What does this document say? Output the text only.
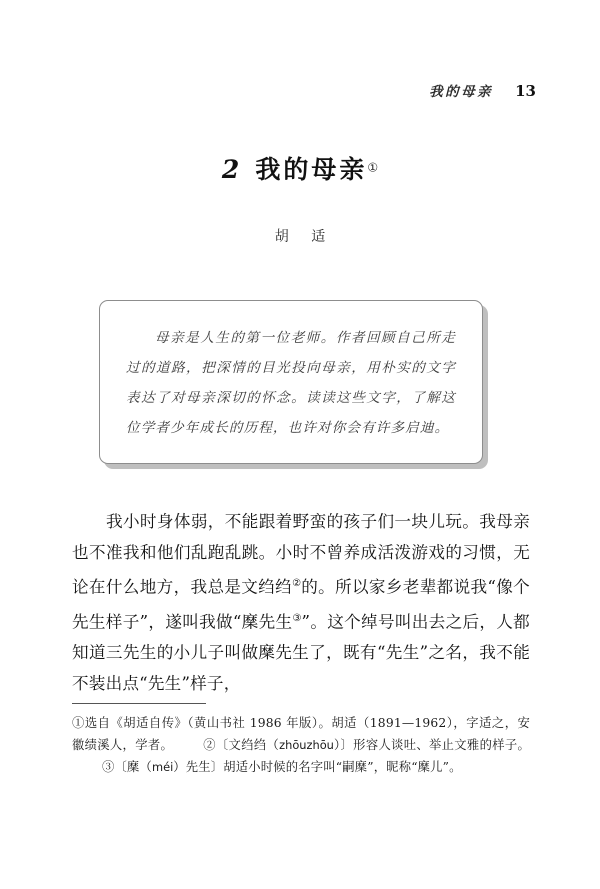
我的母亲 13
2 我的母亲①
胡 适
母亲是人生的第一位老师。作者回顾自己所走过的道路，把深情的目光投向母亲，用朴实的文字表达了对母亲深切的怀念。读读这些文字，了解这位学者少年成长的历程，也许对你会有许多启迪。
我小时身体弱，不能跟着野蛮的孩子们一块儿玩。我母亲也不准我和他们乱跑乱跳。小时不曾养成活泼游戏的习惯，无论在什么地方，我总是文绉绉②的。所以家乡老辈都说我“像个先生样子”，遂叫我做“穈先生③”。这个绰号叫出去之后，人都知道三先生的小儿子叫做穈先生了，既有“先生”之名，我不能不装出点“先生”样子，
①选自《胡适自传》（黄山书社 1986 年版）。胡适（1891—1962），字适之，安徽绩溪人，学者。 ②〔文绉绉（zhōuzhōu）〕形容人谈吐、举止文雅的样子。③〔穈（méi）先生〕胡适小时候的名字叫“嗣穈”，昵称“穈儿”。
